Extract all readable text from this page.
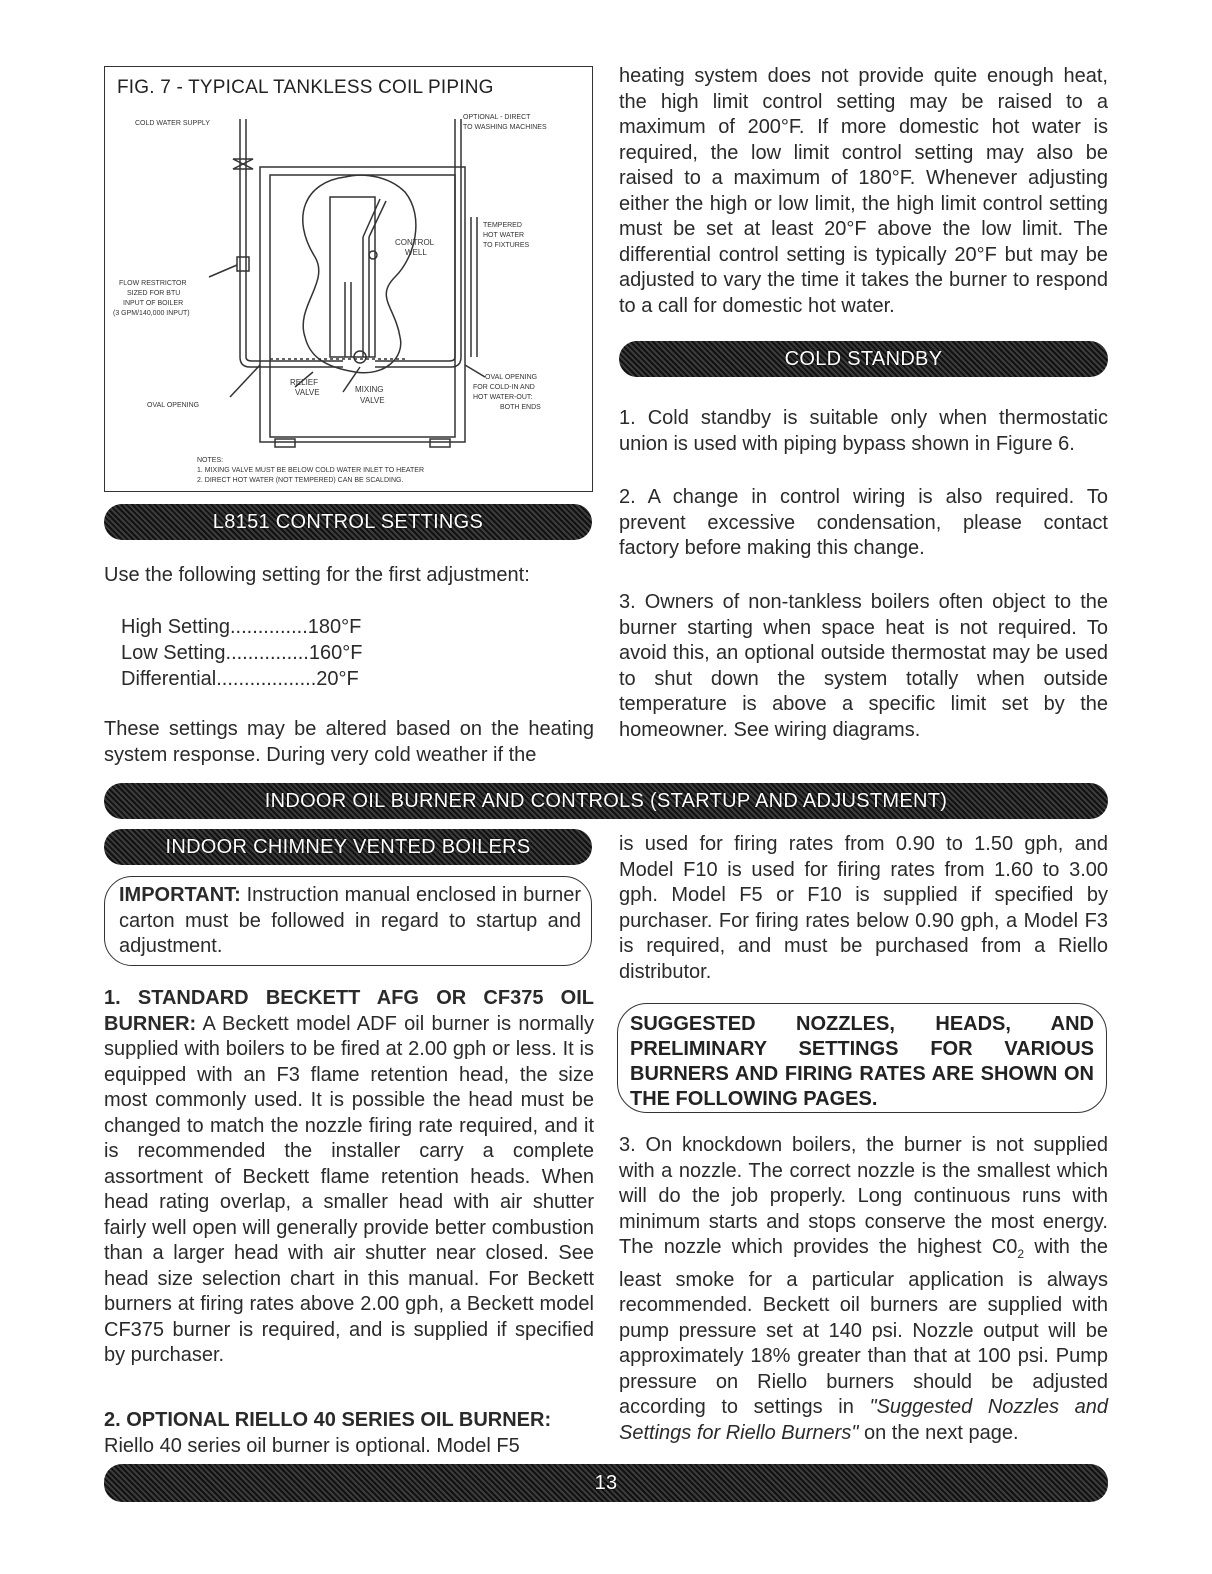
FIG. 7 - TYPICAL TANKLESS COIL PIPING
COLD WATER SUPPLY
OPTIONAL - DIRECT
TO WASHING MACHINES
TEMPERED
HOT WATER
TO FIXTURES
CONTROL
WELL
FLOW RESTRICTOR
SIZED FOR BTU
INPUT OF BOILER
(3 GPM/140,000 INPUT)
OVAL OPENING
RELIEF
VALVE	MIXING
VALVE
OVAL OPENING
FOR COLD-IN AND
HOT WATER-OUT:
BOTH ENDS
NOTES:
1. MIXING VALVE MUST BE BELOW COLD WATER INLET TO HEATER
2. DIRECT HOT WATER (NOT TEMPERED) CAN BE SCALDING.
L8151 CONTROL SETTINGS

Use the following setting for the first adjustment:

High Setting..............180°F
Low Setting...............160°F
Differential..................20°F

These settings may be altered based on the heating system response. During very cold weather if the

heating system does not provide quite enough heat, the high limit control setting may be raised to a maximum of 200°F. If more domestic hot water is required, the low limit control setting may also be raised to a maximum of 180°F. Whenever adjusting either the high or low limit, the high limit control setting must be set at least 20°F above the low limit. The differential control setting is typically 20°F but may be adjusted to vary the time it takes the burner to respond to a call for domestic hot water.

COLD STANDBY

1. Cold standby is suitable only when thermostatic union is used with piping bypass shown in Figure 6.

2. A change in control wiring is also required. To prevent excessive condensation, please contact factory before making this change.

3. Owners of non-tankless boilers often object to the burner starting when space heat is not required. To avoid this, an optional outside thermostat may be used to shut down the system totally when outside temperature is above a specific limit set by the homeowner. See wiring diagrams.

INDOOR OIL BURNER AND CONTROLS (STARTUP AND ADJUSTMENT)
INDOOR CHIMNEY VENTED BOILERS

IMPORTANT: Instruction manual enclosed in burner carton must be followed in regard to startup and adjustment.

1. STANDARD BECKETT AFG OR CF375 OIL BURNER: A Beckett model ADF oil burner is normally supplied with boilers to be fired at 2.00 gph or less. It is equipped with an F3 flame retention head, the size most commonly used. It is possible the head must be changed to match the nozzle firing rate required, and it is recommended the installer carry a complete assortment of Beckett flame retention heads. When head rating overlap, a smaller head with air shutter fairly well open will generally provide better combustion than a larger head with air shutter near closed. See head size selection chart in this manual. For Beckett burners at firing rates above 2.00 gph, a Beckett model CF375 burner is required, and is supplied if specified by purchaser.

2. OPTIONAL RIELLO 40 SERIES OIL BURNER:

Riello 40 series oil burner is optional. Model F5

is used for firing rates from 0.90 to 1.50 gph, and Model F10 is used for firing rates from 1.60 to 3.00 gph. Model F5 or F10 is supplied if specified by purchaser. For firing rates below 0.90 gph, a Model F3 is required, and must be purchased from a Riello distributor.

SUGGESTED NOZZLES, HEADS, AND PRELIMINARY SETTINGS FOR VARIOUS BURNERS AND FIRING RATES ARE SHOWN ON THE FOLLOWING PAGES.

3. On knockdown boilers, the burner is not supplied with a nozzle. The correct nozzle is the smallest which will do the job properly. Long continuous runs with minimum starts and stops conserve the most energy. The nozzle which provides the highest $C0_2$ with the least smoke for a particular application is always recommended. Beckett oil burners are supplied with pump pressure set at 140 psi. Nozzle output will be approximately 18% greater than that at 100 psi. Pump pressure on Riello burners should be adjusted according to settings in "Suggested Nozzles and Settings for Riello Burners" on the next page.

13
